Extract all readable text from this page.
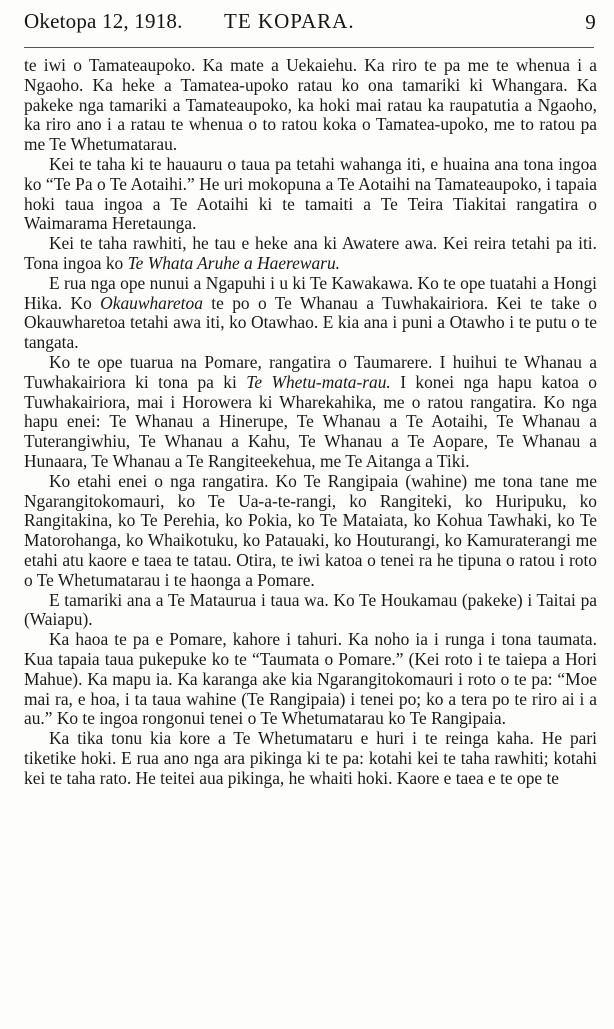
Oketopa 12, 1918. TE KOPARA.	9

te iwi o Tamateaupoko. Ka mate a Uekaiehu. Ka riro te pa me te whenua i a Ngaoho. Ka heke a Tamatea-upoko ratau ko ona tamariki ki Whangara. Ka pakeke nga tamariki a Tamateaupoko, ka hoki mai ratau ka raupatutia a Ngaoho, ka riro ano i a ratau te whenua o to ratou koka o Tamatea-upoko, me to ratou pa me Te Whetumatarau.

Kei te taha ki te hauauru o taua pa tetahi wahanga iti, e huaina ana tona ingoa ko “Te Pa o Te Aotaihi.” He uri mokopuna a Te Aotaihi na Tamateaupoko, i tapaia hoki taua ingoa a Te Aotaihi ki te tamaiti a Te Teira Tiakitai rangatira o Waimarama Heretaunga.

Kei te taha rawhiti, he tau e heke ana ki Awatere awa. Kei reira tetahi pa iti. Tona ingoa ko Te Whata Aruhe a Haerewaru.

E rua nga ope nunui a Ngapuhi i u ki Te Kawakawa. Ko te ope tuatahi a Hongi Hika. Ko Okauwharetoa te po o Te Whanau a Tuwhakairiora. Kei te take o Okauwharetoa tetahi awa iti, ko Otawhao. E kia ana i puni a Otawho i te putu o te tangata.

Ko te ope tuarua na Pomare, rangatira o Taumarere. I huihui te Whanau a Tuwhakairiora ki tona pa ki Te Whetu-mata-rau. I konei nga hapu katoa o Tuwhakairiora, mai i Horowera ki Wharekahika, me o ratou rangatira. Ko nga hapu enei: Te Whanau a Hinerupe, Te Whanau a Te Aotaihi, Te Whanau a Tuterangiwhiu, Te Whanau a Kahu, Te Whanau a Te Aopare, Te Whanau a Hunaara, Te Whanau a Te Rangiteekehua, me Te Aitanga a Tiki.

Ko etahi enei o nga rangatira. Ko Te Rangipaia (wahine) me tona tane me Ngarangitokomauri, ko Te Ua-a-te-rangi, ko Rangiteki, ko Huripuku, ko Rangitakina, ko Te Perehia, ko Pokia, ko Te Mataiata, ko Kohua Tawhaki, ko Te Matorohanga, ko Whaikotuku, ko Patauaki, ko Houturangi, ko Kamuraterangi me etahi atu kaore e taea te tatau. Otira, te iwi katoa o tenei ra he tipuna o ratou i roto o Te Whetumatarau i te haonga a Pomare.

E tamariki ana a Te Mataurua i taua wa. Ko Te Houkamau (pakeke) i Taitai pa (Waiapu).

Ka haoa te pa e Pomare, kahore i tahuri. Ka noho ia i runga i tona taumata. Kua tapaia taua pukepuke ko te “Taumata o Pomare.” (Kei roto i te taiepa a Hori Mahue). Ka mapu ia. Ka karanga ake kia Ngarangitokomauri i roto o te pa: “Moe mai ra, e hoa, i ta taua wahine (Te Rangipaia) i tenei po; ko a tera po te riro ai i a au.” Ko te ingoa rongonui tenei o Te Whetumatarau ko Te Rangipaia.

Ka tika tonu kia kore a Te Whetumataru e huri i te reinga kaha. He pari tiketike hoki. E rua ano nga ara pikinga ki te pa: kotahi kei te taha rawhiti; kotahi kei te taha rato. He teitei aua pikinga, he whaiti hoki. Kaore e taea e te ope te
